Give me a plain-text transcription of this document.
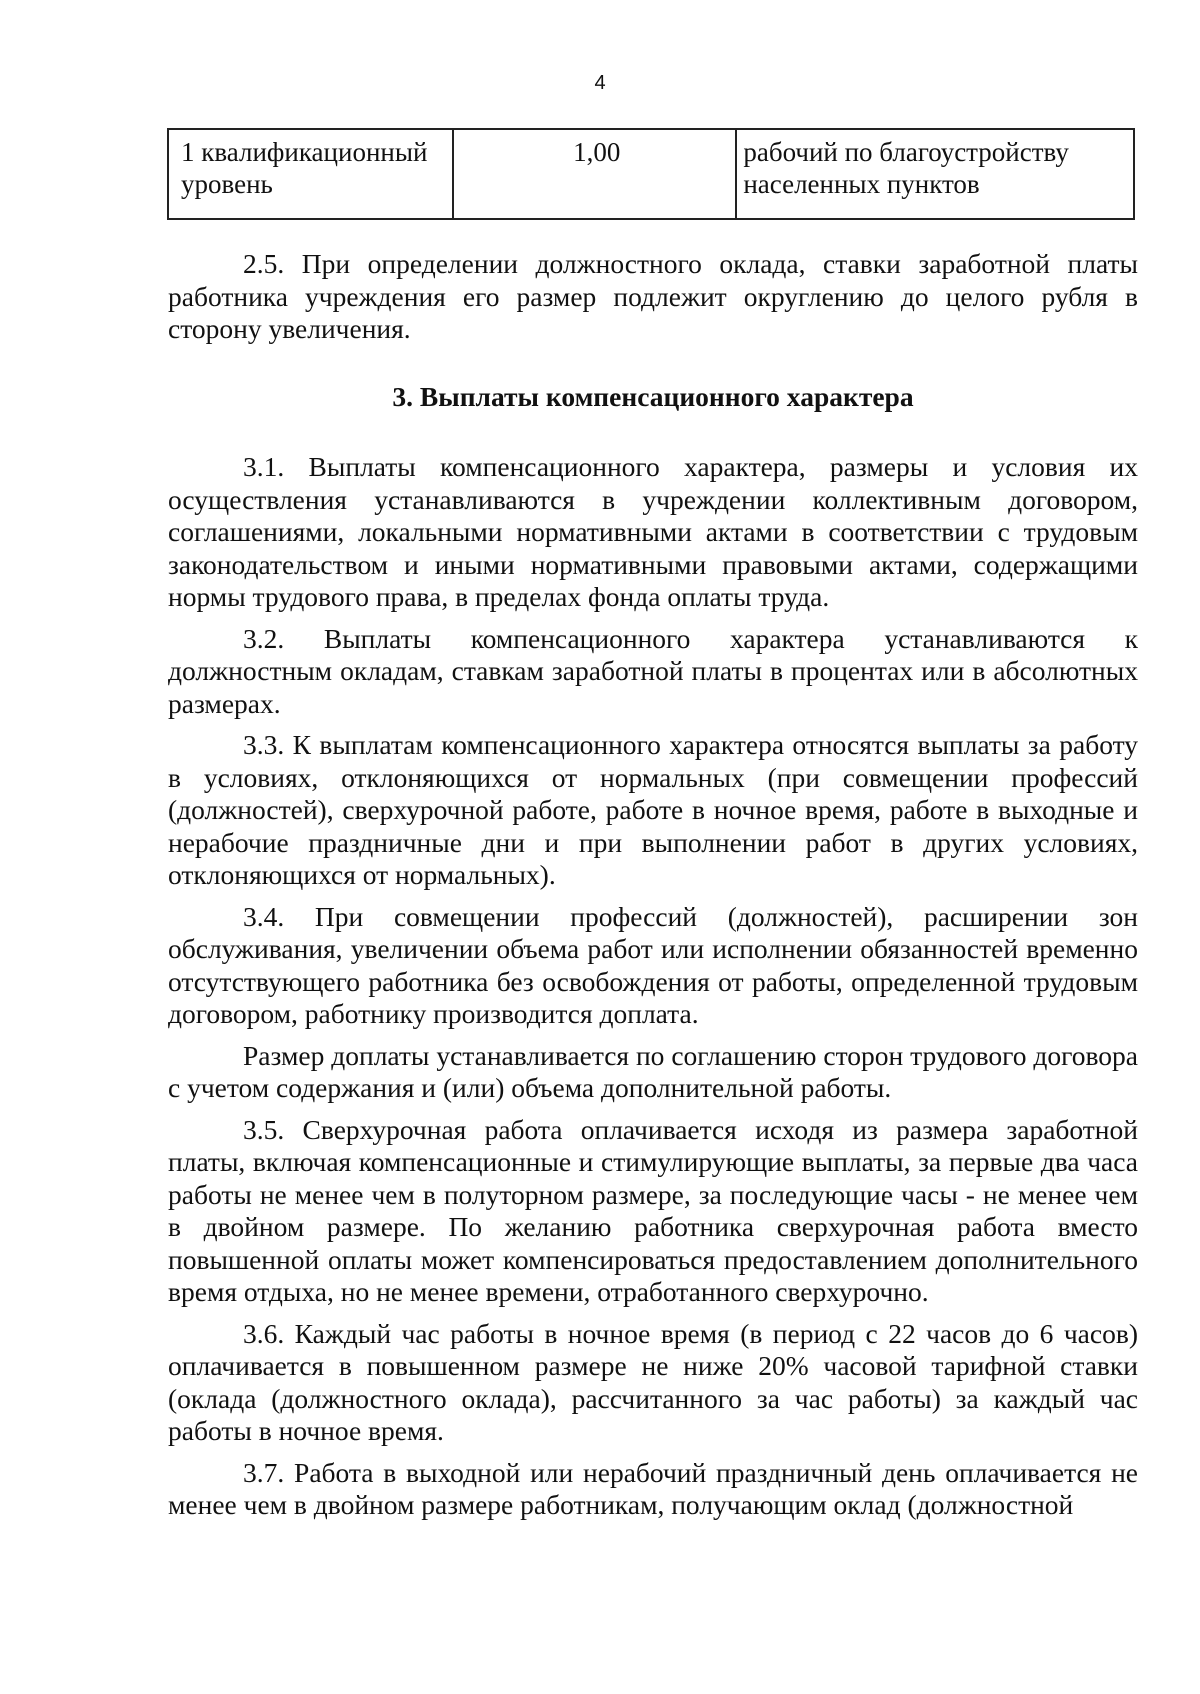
4
1 квалификационный уровень	1,00	рабочий по благоустройству населенных пунктов

2.5. При определении должностного оклада, ставки заработной платы работника учреждения его размер подлежит округлению до целого рубля в сторону увеличения.

3. Выплаты компенсационного характера

3.1. Выплаты компенсационного характера, размеры и условия их осуществления устанавливаются в учреждении коллективным договором, соглашениями, локальными нормативными актами в соответствии с трудовым законодательством и иными нормативными правовыми актами, содержащими нормы трудового права, в пределах фонда оплаты труда.

3.2. Выплаты компенсационного характера устанавливаются к должностным окладам, ставкам заработной платы в процентах или в абсолютных размерах.

3.3. К выплатам компенсационного характера относятся выплаты за работу в условиях, отклоняющихся от нормальных (при совмещении профессий (должностей), сверхурочной работе, работе в ночное время, работе в выходные и нерабочие праздничные дни и при выполнении работ в других условиях, отклоняющихся от нормальных).

3.4. При совмещении профессий (должностей), расширении зон обслуживания, увеличении объема работ или исполнении обязанностей временно отсутствующего работника без освобождения от работы, определенной трудовым договором, работнику производится доплата.

Размер доплаты устанавливается по соглашению сторон трудового договора с учетом содержания и (или) объема дополнительной работы.

3.5. Сверхурочная работа оплачивается исходя из размера заработной платы, включая компенсационные и стимулирующие выплаты, за первые два часа работы не менее чем в полуторном размере, за последующие часы - не менее чем в двойном размере. По желанию работника сверхурочная работа вместо повышенной оплаты может компенсироваться предоставлением дополнительного время отдыха, но не менее времени, отработанного сверхурочно.

3.6. Каждый час работы в ночное время (в период с 22 часов до 6 часов) оплачивается в повышенном размере не ниже 20% часовой тарифной ставки (оклада (должностного оклада), рассчитанного за час работы) за каждый час работы в ночное время.

3.7. Работа в выходной или нерабочий праздничный день оплачивается не менее чем в двойном размере работникам, получающим оклад (должностной
